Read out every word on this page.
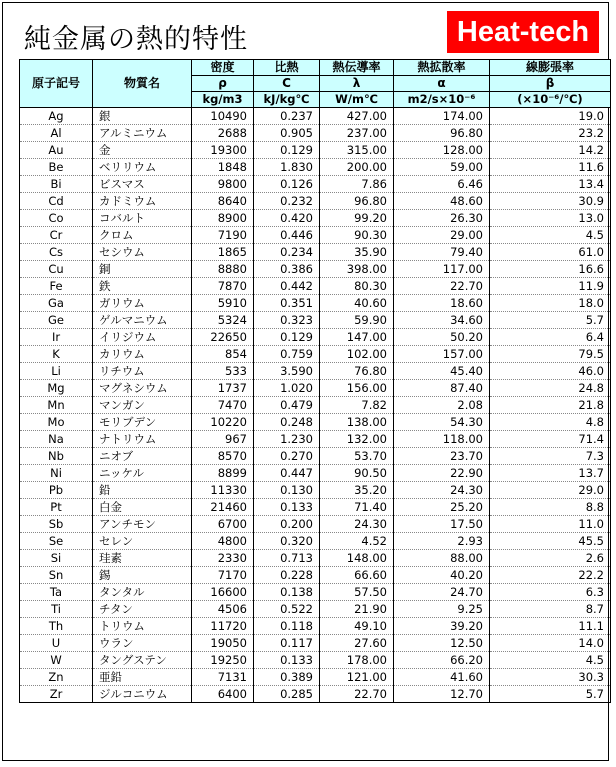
純金属の熱的特性	Heat-tech
原子記号	物質名	密度	比熱	熱伝導率	熱拡散率	線膨張率
		ρ	C	λ	α	β
		kg/m3	kJ/kg℃	W/m℃	m2/s×10⁻⁶	(×10⁻⁶/℃)
Ag	銀	10490	0.237	427.00	174.00	19.0
Al	アルミニウム	2688	0.905	237.00	96.80	23.2
Au	金	19300	0.129	315.00	128.00	14.2
Be	ベリリウム	1848	1.830	200.00	59.00	11.6
Bi	ビスマス	9800	0.126	7.86	6.46	13.4
Cd	カドミウム	8640	0.232	96.80	48.60	30.9
Co	コバルト	8900	0.420	99.20	26.30	13.0
Cr	クロム	7190	0.446	90.30	29.00	4.5
Cs	セシウム	1865	0.234	35.90	79.40	61.0
Cu	銅	8880	0.386	398.00	117.00	16.6
Fe	鉄	7870	0.442	80.30	22.70	11.9
Ga	ガリウム	5910	0.351	40.60	18.60	18.0
Ge	ゲルマニウム	5324	0.323	59.90	34.60	5.7
Ir	イリジウム	22650	0.129	147.00	50.20	6.4
K	カリウム	854	0.759	102.00	157.00	79.5
Li	リチウム	533	3.590	76.80	45.40	46.0
Mg	マグネシウム	1737	1.020	156.00	87.40	24.8
Mn	マンガン	7470	0.479	7.82	2.08	21.8
Mo	モリブデン	10220	0.248	138.00	54.30	4.8
Na	ナトリウム	967	1.230	132.00	118.00	71.4
Nb	ニオブ	8570	0.270	53.70	23.70	7.3
Ni	ニッケル	8899	0.447	90.50	22.90	13.7
Pb	鉛	11330	0.130	35.20	24.30	29.0
Pt	白金	21460	0.133	71.40	25.20	8.8
Sb	アンチモン	6700	0.200	24.30	17.50	11.0
Se	セレン	4800	0.320	4.52	2.93	45.5
Si	珪素	2330	0.713	148.00	88.00	2.6
Sn	錫	7170	0.228	66.60	40.20	22.2
Ta	タンタル	16600	0.138	57.50	24.70	6.3
Ti	チタン	4506	0.522	21.90	9.25	8.7
Th	トリウム	11720	0.118	49.10	39.20	11.1
U	ウラン	19050	0.117	27.60	12.50	14.0
W	タングステン	19250	0.133	178.00	66.20	4.5
Zn	亜鉛	7131	0.389	121.00	41.60	30.3
Zr	ジルコニウム	6400	0.285	22.70	12.70	5.7
